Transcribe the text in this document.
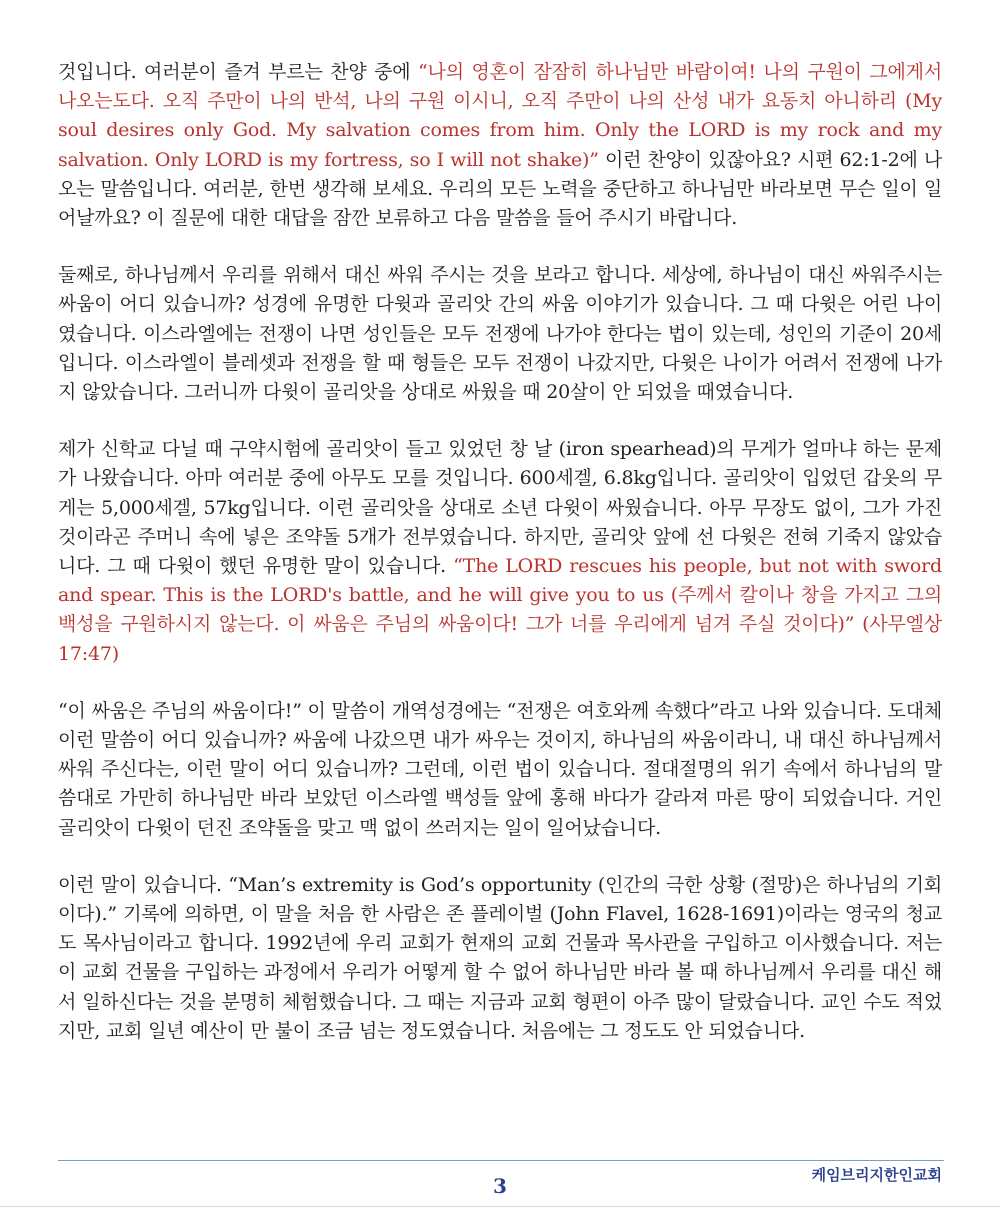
것입니다. 여러분이 즐겨 부르는 찬양 중에 “나의 영혼이 잠잠히 하나님만 바람이여! 나의 구원이 그에게서 나오는도다. 오직 주만이 나의 반석, 나의 구원 이시니, 오직 주만이 나의 산성 내가 요동치 아니하리 (My soul desires only God. My salvation comes from him. Only the LORD is my rock and my salvation. Only LORD is my fortress, so I will not shake)” 이런 찬양이 있잖아요? 시편 62:1-2에 나오는 말씀입니다. 여러분, 한번 생각해 보세요. 우리의 모든 노력을 중단하고 하나님만 바라보면 무슨 일이 일어날까요? 이 질문에 대한 대답을 잠깐 보류하고 다음 말씀을 들어 주시기 바랍니다.

둘째로, 하나님께서 우리를 위해서 대신 싸워 주시는 것을 보라고 합니다. 세상에, 하나님이 대신 싸워주시는 싸움이 어디 있습니까? 성경에 유명한 다윗과 골리앗 간의 싸움 이야기가 있습니다. 그 때 다윗은 어린 나이였습니다. 이스라엘에는 전쟁이 나면 성인들은 모두 전쟁에 나가야 한다는 법이 있는데, 성인의 기준이 20세입니다. 이스라엘이 블레셋과 전쟁을 할 때 형들은 모두 전쟁이 나갔지만, 다윗은 나이가 어려서 전쟁에 나가지 않았습니다. 그러니까 다윗이 골리앗을 상대로 싸웠을 때 20살이 안 되었을 때였습니다.

제가 신학교 다닐 때 구약시험에 골리앗이 들고 있었던 창 날 (iron spearhead)의 무게가 얼마냐 하는 문제가 나왔습니다. 아마 여러분 중에 아무도 모를 것입니다. 600세겔, 6.8kg입니다. 골리앗이 입었던 갑옷의 무게는 5,000세겔, 57kg입니다. 이런 골리앗을 상대로 소년 다윗이 싸웠습니다. 아무 무장도 없이, 그가 가진 것이라곤 주머니 속에 넣은 조약돌 5개가 전부였습니다. 하지만, 골리앗 앞에 선 다윗은 전혀 기죽지 않았습니다. 그 때 다윗이 했던 유명한 말이 있습니다. “The LORD rescues his people, but not with sword and spear. This is the LORD's battle, and he will give you to us (주께서 칼이나 창을 가지고 그의 백성을 구원하시지 않는다. 이 싸움은 주님의 싸움이다! 그가 너를 우리에게 넘겨 주실 것이다)” (사무엘상 17:47)

“이 싸움은 주님의 싸움이다!” 이 말씀이 개역성경에는 “전쟁은 여호와께 속했다”라고 나와 있습니다. 도대체 이런 말씀이 어디 있습니까? 싸움에 나갔으면 내가 싸우는 것이지, 하나님의 싸움이라니, 내 대신 하나님께서 싸워 주신다는, 이런 말이 어디 있습니까? 그런데, 이런 법이 있습니다. 절대절명의 위기 속에서 하나님의 말씀대로 가만히 하나님만 바라 보았던 이스라엘 백성들 앞에 홍해 바다가 갈라져 마른 땅이 되었습니다. 거인 골리앗이 다윗이 던진 조약돌을 맞고 맥 없이 쓰러지는 일이 일어났습니다.

이런 말이 있습니다. “Man’s extremity is God’s opportunity (인간의 극한 상황 (절망)은 하나님의 기회이다).” 기록에 의하면, 이 말을 처음 한 사람은 존 플레이벌 (John Flavel, 1628-1691)이라는 영국의 청교도 목사님이라고 합니다. 1992년에 우리 교회가 현재의 교회 건물과 목사관을 구입하고 이사했습니다. 저는 이 교회 건물을 구입하는 과정에서 우리가 어떻게 할 수 없어 하나님만 바라 볼 때 하나님께서 우리를 대신 해서 일하신다는 것을 분명히 체험했습니다. 그 때는 지금과 교회 형편이 아주 많이 달랐습니다. 교인 수도 적었지만, 교회 일년 예산이 만 불이 조금 넘는 정도였습니다. 처음에는 그 정도도 안 되었습니다.

케임브리지한인교회
3
